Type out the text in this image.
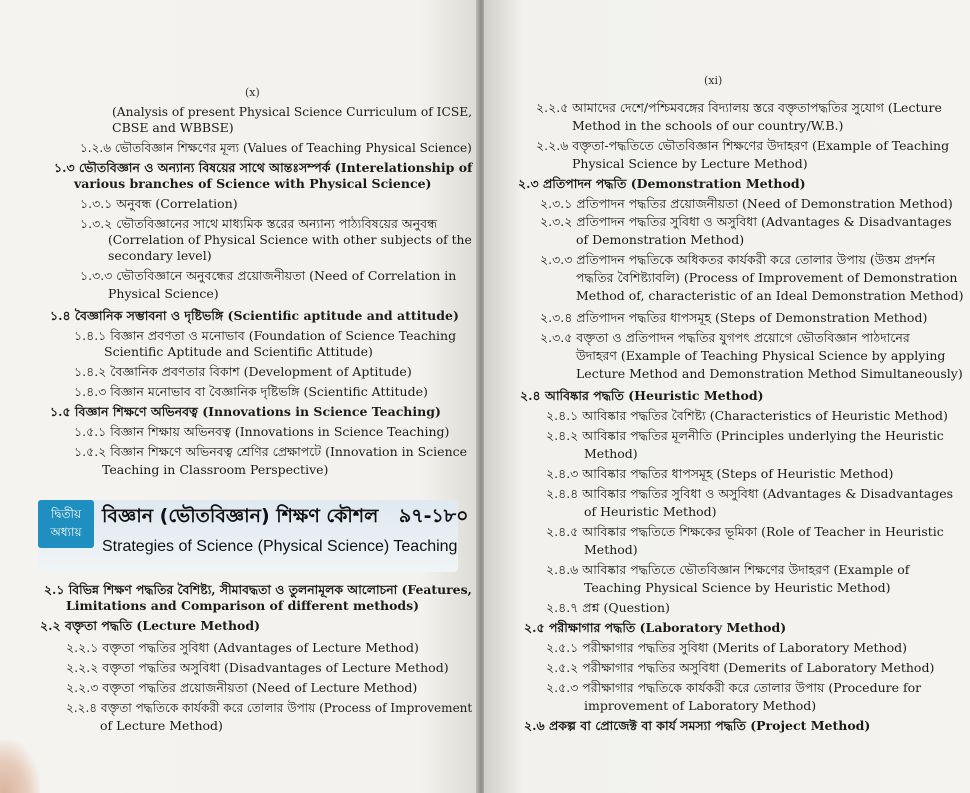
(x)
(Analysis of present Physical Science Curriculum of ICSE,
CBSE and WBBSE)
১.২.৬ ভৌতবিজ্ঞান শিক্ষণের মূল্য (Values of Teaching Physical Science)
১.৩ ভৌতবিজ্ঞান ও অন্যান্য বিষয়ের সাথে আন্তঃসম্পর্ক (Interelationship of
various branches of Science with Physical Science)
১.৩.১ অনুবন্ধ (Correlation)
১.৩.২ ভৌতবিজ্ঞানের সাথে মাধ্যমিক স্তরের অন্যান্য পাঠ্যবিষয়ের অনুবন্ধ
(Correlation of Physical Science with other subjects of the
secondary level)
১.৩.৩ ভৌতবিজ্ঞানে অনুবন্ধের প্রয়োজনীয়তা (Need of Correlation in
Physical Science)
১.৪ বৈজ্ঞানিক সম্ভাবনা ও দৃষ্টিভঙ্গি (Scientific aptitude and attitude)
১.৪.১ বিজ্ঞান প্রবণতা ও মনোভাব (Foundation of Science Teaching
Scientific Aptitude and Scientific Attitude)
১.৪.২ বৈজ্ঞানিক প্রবণতার বিকাশ (Development of Aptitude)
১.৪.৩ বিজ্ঞান মনোভাব বা বৈজ্ঞানিক দৃষ্টিভঙ্গি (Scientific Attitude)
১.৫ বিজ্ঞান শিক্ষণে অভিনবত্ব (Innovations in Science Teaching)
১.৫.১ বিজ্ঞান শিক্ষায় অভিনবত্ব (Innovations in Science Teaching)
১.৫.২ বিজ্ঞান শিক্ষণে অভিনবত্ব শ্রেণির প্রেক্ষাপটে (Innovation in Science
Teaching in Classroom Perspective)
দ্বিতীয়
অধ্যায়
বিজ্ঞান (ভৌতবিজ্ঞান) শিক্ষণ কৌশল ৯৭-১৮০
Strategies of Science (Physical Science) Teaching
২.১ বিভিন্ন শিক্ষণ পদ্ধতির বৈশিষ্ট্য, সীমাবদ্ধতা ও তুলনামূলক আলোচনা (Features,
Limitations and Comparison of different methods)
২.২ বক্তৃতা পদ্ধতি (Lecture Method)
২.২.১ বক্তৃতা পদ্ধতির সুবিধা (Advantages of Lecture Method)
২.২.২ বক্তৃতা পদ্ধতির অসুবিধা (Disadvantages of Lecture Method)
২.২.৩ বক্তৃতা পদ্ধতির প্রয়োজনীয়তা (Need of Lecture Method)
২.২.৪ বক্তৃতা পদ্ধতিকে কার্যকরী করে তোলার উপায় (Process of Improvement
of Lecture Method)
(xi)
২.২.৫ আমাদের দেশে/পশ্চিমবঙ্গের বিদ্যালয় স্তরে বক্তৃতাপদ্ধতির সুযোগ (Lecture
Method in the schools of our country/W.B.)
২.২.৬ বক্তৃতা-পদ্ধতিতে ভৌতবিজ্ঞান শিক্ষণের উদাহরণ (Example of Teaching
Physical Science by Lecture Method)
২.৩ প্রতিপাদন পদ্ধতি (Demonstration Method)
২.৩.১ প্রতিপাদন পদ্ধতির প্রয়োজনীয়তা (Need of Demonstration Method)
২.৩.২ প্রতিপাদন পদ্ধতির সুবিধা ও অসুবিধা (Advantages & Disadvantages
of Demonstration Method)
২.৩.৩ প্রতিপাদন পদ্ধতিকে অধিকতর কার্যকরী করে তোলার উপায় (উত্তম প্রদর্শন
পদ্ধতির বৈশিষ্ট্যাবলি) (Process of Improvement of Demonstration
Method of, characteristic of an Ideal Demonstration Method)
২.৩.৪ প্রতিপাদন পদ্ধতির ধাপসমূহ (Steps of Demonstration Method)
২.৩.৫ বক্তৃতা ও প্রতিপাদন পদ্ধতির যুগপৎ প্রয়োগে ভৌতবিজ্ঞান পাঠদানের
উদাহরণ (Example of Teaching Physical Science by applying
Lecture Method and Demonstration Method Simultaneously)
২.৪ আবিষ্কার পদ্ধতি (Heuristic Method)
২.৪.১ আবিষ্কার পদ্ধতির বৈশিষ্ট্য (Characteristics of Heuristic Method)
২.৪.২ আবিষ্কার পদ্ধতির মূলনীতি (Principles underlying the Heuristic
Method)
২.৪.৩ আবিষ্কার পদ্ধতির ধাপসমূহ (Steps of Heuristic Method)
২.৪.৪ আবিষ্কার পদ্ধতির সুবিধা ও অসুবিধা (Advantages & Disadvantages
of Heuristic Method)
২.৪.৫ আবিষ্কার পদ্ধতিতে শিক্ষকের ভূমিকা (Role of Teacher in Heuristic
Method)
২.৪.৬ আবিষ্কার পদ্ধতিতে ভৌতবিজ্ঞান শিক্ষণের উদাহরণ (Example of
Teaching Physical Science by Heuristic Method)
২.৪.৭ প্রশ্ন (Question)
২.৫ পরীক্ষাগার পদ্ধতি (Laboratory Method)
২.৫.১ পরীক্ষাগার পদ্ধতির সুবিধা (Merits of Laboratory Method)
২.৫.২ পরীক্ষাগার পদ্ধতির অসুবিধা (Demerits of Laboratory Method)
২.৫.৩ পরীক্ষাগার পদ্ধতিকে কার্যকরী করে তোলার উপায় (Procedure for
improvement of Laboratory Method)
২.৬ প্রকল্প বা প্রোজেক্ট বা কার্য সমস্যা পদ্ধতি (Project Method)
